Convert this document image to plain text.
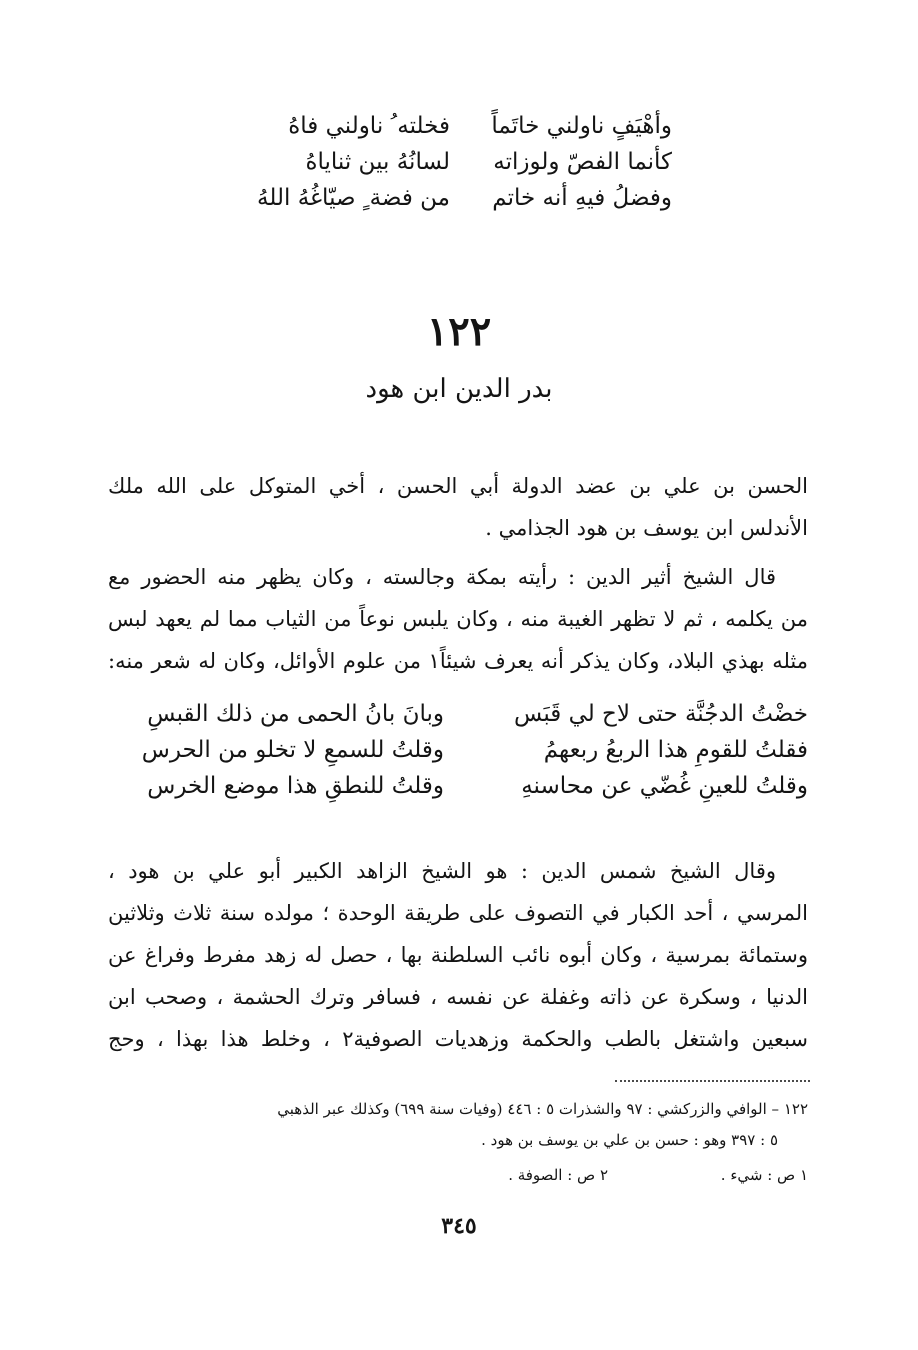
وأهْيَفٍ ناولني خاتَماً
فخلته ُ ناولني فاهُ
كأنما الفصّ ولوزاته
لسانُهُ بين ثناياهُ
وفضلُ فيهِ أنه خاتم
من فضة ٍ صيّاغُهُ اللهُ
١٢٢
بدر الدين ابن هود
الحسن بن علي بن عضد الدولة أبي الحسن ، أخي المتوكل على الله ملك
الأندلس ابن يوسف بن هود الجذامي .
قال الشيخ أثير الدين : رأيته بمكة وجالسته ، وكان يظهر منه الحضور مع
من يكلمه ، ثم لا تظهر الغيبة منه ، وكان يلبس نوعاً من الثياب مما لم يعهد لبس
مثله بهذي البلاد، وكان يذكر أنه يعرف شيئاً١ من علوم الأوائل، وكان له شعر منه:
خضْتُ الدجُنَّة حتى لاح لي قَبَس
وبانَ بانُ الحمى من ذلك القبسِ
فقلتُ للقومِ هذا الربعُ ربعهمُ
وقلتُ للسمعِ لا تخلو من الحرس
وقلتُ للعينِ غُضّي عن محاسنهِ
وقلتُ للنطقِ هذا موضع الخرس
وقال الشيخ شمس الدين : هو الشيخ الزاهد الكبير أبو علي بن هود ،
المرسي ، أحد الكبار في التصوف على طريقة الوحدة ؛ مولده سنة ثلاث وثلاثين
وستمائة بمرسية ، وكان أبوه نائب السلطنة بها ، حصل له زهد مفرط وفراغ عن
الدنيا ، وسكرة عن ذاته وغفلة عن نفسه ، فسافر وترك الحشمة ، وصحب ابن
سبعين واشتغل بالطب والحكمة وزهديات الصوفية٢ ، وخلط هذا بهذا ، وحج
١٢٢ – الوافي والزركشي : ٩٧ والشذرات ٥ : ٤٤٦ (وفيات سنة ٦٩٩) وكذلك عبر الذهبي
٥ : ٣٩٧ وهو : حسن بن علي بن يوسف بن هود .
١ ص : شيء .
٢ ص : الصوفة .
٣٤٥
